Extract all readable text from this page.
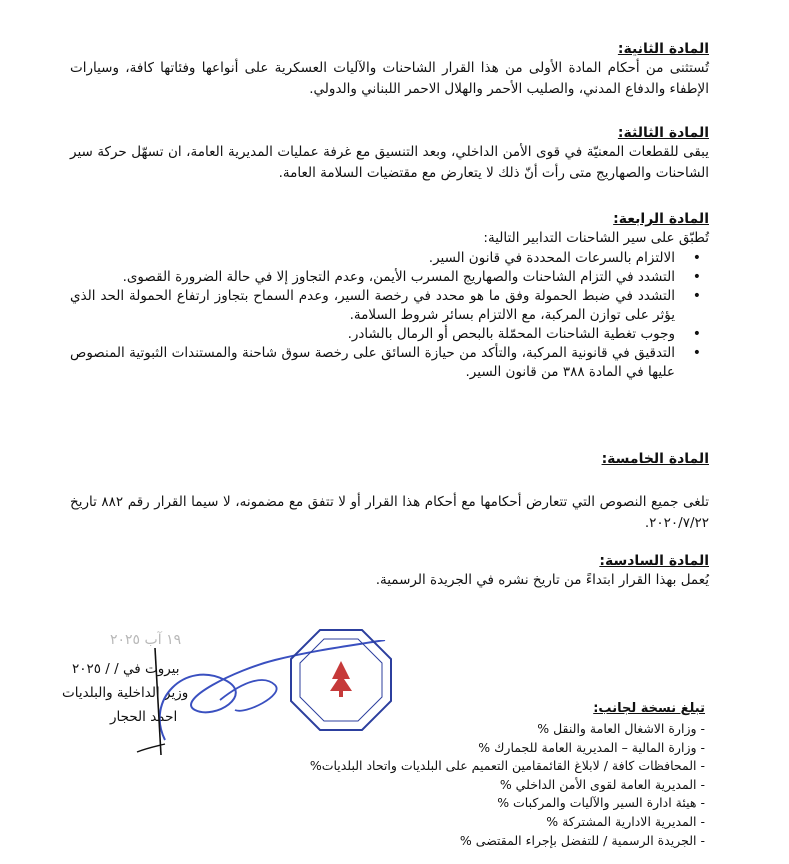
المادة الثانية:

تُستثنى من أحكام المادة الأولى من هذا القرار الشاحنات والآليات العسكرية على أنواعها وفئاتها كافة، وسيارات الإطفاء والدفاع المدني، والصليب الأحمر والهلال الاحمر اللبناني والدولي.

المادة الثالثة:

يبقى للقطعات المعنيّة في قوى الأمن الداخلي، وبعد التنسيق مع غرفة عمليات المديرية العامة، ان تسهّل حركة سير الشاحنات والصهاريج متى رأت أنّ ذلك لا يتعارض مع مقتضيات السلامة العامة.

المادة الرابعة:

تُطبّق على سير الشاحنات التدابير التالية:

• الالتزام بالسرعات المحددة في قانون السير.
• التشدد في التزام الشاحنات والصهاريج المسرب الأيمن، وعدم التجاوز إلا في حالة الضرورة القصوى.
• التشدد في ضبط الحمولة وفق ما هو محدد في رخصة السير، وعدم السماح بتجاوز ارتفاع الحمولة الحد الذي يؤثر على توازن المركبة، مع الالتزام بسائر شروط السلامة.
• وجوب تغطية الشاحنات المحمّلة بالبحص أو الرمال بالشادر.
• التدقيق في قانونية المركبة، والتأكد من حيازة السائق على رخصة سوق شاحنة والمستندات الثبوتية المنصوص عليها في المادة ٣٨٨ من قانون السير.

المادة الخامسة:

تلغى جميع النصوص التي تتعارض أحكامها مع أحكام هذا القرار أو لا تتفق مع مضمونه، لا سيما القرار رقم ٨٨٢ تاريخ ٢٠٢٠/٧/٢٢.

المادة السادسة:

يُعمل بهذا القرار ابتداءً من تاريخ نشره في الجريدة الرسمية.

١٩ آب ٢٠٢٥
بيروت في / / ٢٠٢٥
وزير الداخلية والبلديات
احمد الحجار

تبلغ نسخة لجانب:

- وزارة الاشغال العامة والنقل %
- وزارة المالية – المديرية العامة للجمارك %
- المحافظات كافة / لابلاغ القائمقامين التعميم على البلديات واتحاد البلديات%
- المديرية العامة لقوى الأمن الداخلي %
- هيئة ادارة السير والآليات والمركبات %
- المديرية الادارية المشتركة %
- الجريدة الرسمية / للتفضل بإجراء المقتضى %
